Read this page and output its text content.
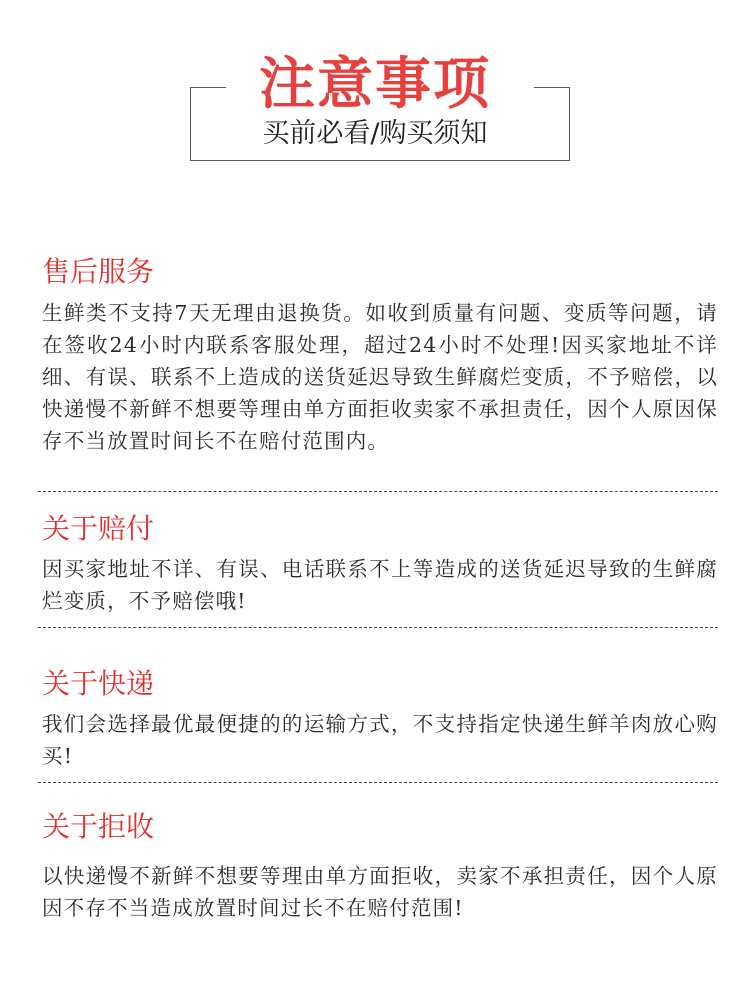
注意事项
买前必看/购买须知
售后服务
生鲜类不支持7天无理由退换货。如收到质量有问题、变质等问题，请在签收24小时内联系客服处理，超过24小时不处理!因买家地址不详细、有误、联系不上造成的送货延迟导致生鲜腐烂变质，不予赔偿，以快递慢不新鲜不想要等理由单方面拒收卖家不承担责任，因个人原因保存不当放置时间长不在赔付范围内。
关于赔付
因买家地址不详、有误、电话联系不上等造成的送货延迟导致的生鲜腐烂变质，不予赔偿哦!
关于快递
我们会选择最优最便捷的的运输方式，不支持指定快递生鲜羊肉放心购买!
关于拒收
以快递慢不新鲜不想要等理由单方面拒收，卖家不承担责任，因个人原因不存不当造成放置时间过长不在赔付范围!
